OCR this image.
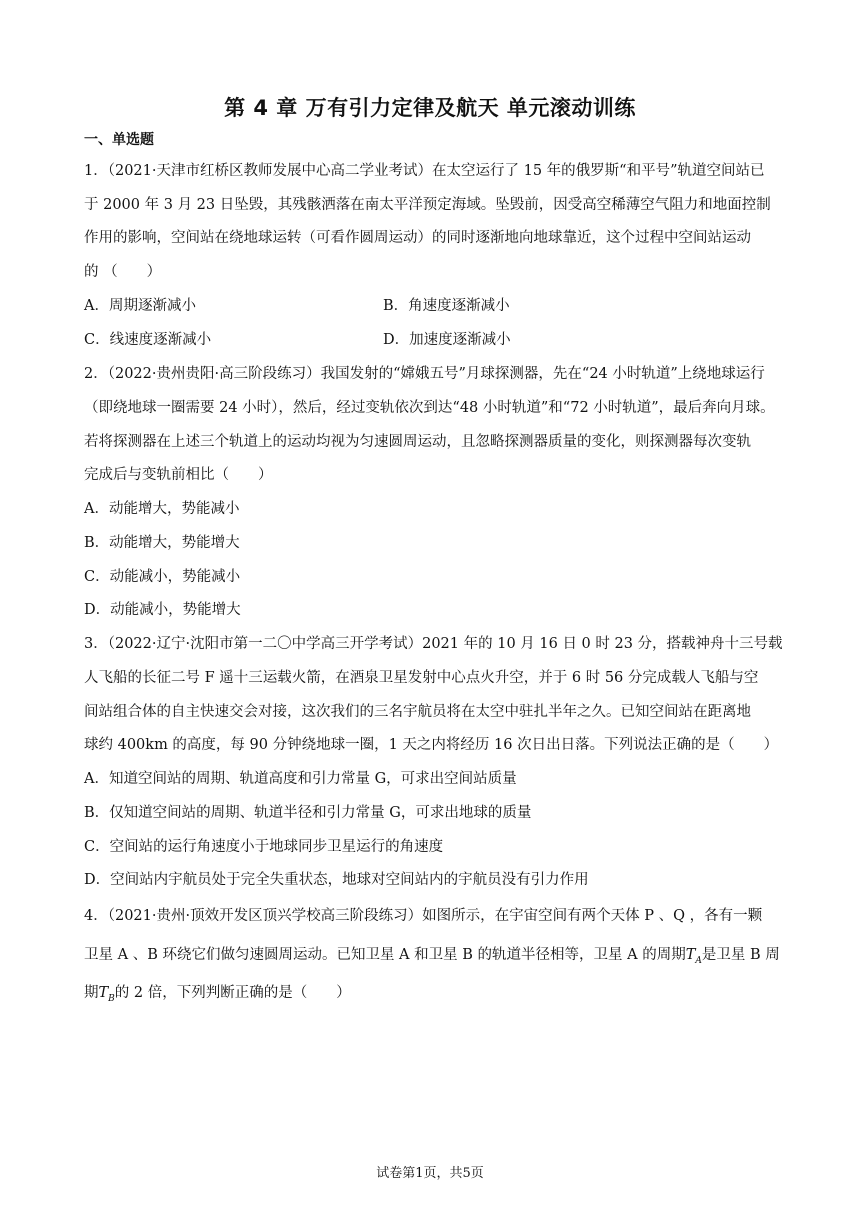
第 4 章 万有引力定律及航天 单元滚动训练
一、单选题
1．（2021·天津市红桥区教师发展中心高二学业考试）在太空运行了 15 年的俄罗斯“和平号”轨道空间站已
于 2000 年 3 月 23 日坠毁，其残骸洒落在南太平洋预定海域。坠毁前，因受高空稀薄空气阻力和地面控制
作用的影响，空间站在绕地球运转（可看作圆周运动）的同时逐渐地向地球靠近，这个过程中空间站运动
的 （　　）
A．周期逐渐减小	B．角速度逐渐减小
C．线速度逐渐减小	D．加速度逐渐减小
2．（2022·贵州贵阳·高三阶段练习）我国发射的“嫦娥五号”月球探测器，先在“24 小时轨道”上绕地球运行
（即绕地球一圈需要 24 小时），然后，经过变轨依次到达“48 小时轨道”和“72 小时轨道”，最后奔向月球。
若将探测器在上述三个轨道上的运动均视为匀速圆周运动，且忽略探测器质量的变化，则探测器每次变轨
完成后与变轨前相比（　　）
A．动能增大，势能减小
B．动能增大，势能增大
C．动能减小，势能减小
D．动能减小，势能增大
3．（2022·辽宁·沈阳市第一二〇中学高三开学考试）2021 年的 10 月 16 日 0 时 23 分，搭载神舟十三号载
人飞船的长征二号 F 遥十三运载火箭，在酒泉卫星发射中心点火升空，并于 6 时 56 分完成载人飞船与空
间站组合体的自主快速交会对接，这次我们的三名宇航员将在太空中驻扎半年之久。已知空间站在距离地
球约 400km 的高度，每 90 分钟绕地球一圈，1 天之内将经历 16 次日出日落。下列说法正确的是（　　）
A．知道空间站的周期、轨道高度和引力常量 G，可求出空间站质量
B．仅知道空间站的周期、轨道半径和引力常量 G，可求出地球的质量
C．空间站的运行角速度小于地球同步卫星运行的角速度
D．空间站内宇航员处于完全失重状态，地球对空间站内的宇航员没有引力作用
4．（2021·贵州·顶效开发区顶兴学校高三阶段练习）如图所示，在宇宙空间有两个天体 P 、Q ，各有一颗
卫星 A 、B 环绕它们做匀速圆周运动。已知卫星 A 和卫星 B 的轨道半径相等，卫星 A 的周期$T_A$是卫星 B 周
期$T_B$的 2 倍，下列判断正确的是（　　）
试卷第1页，共5页
